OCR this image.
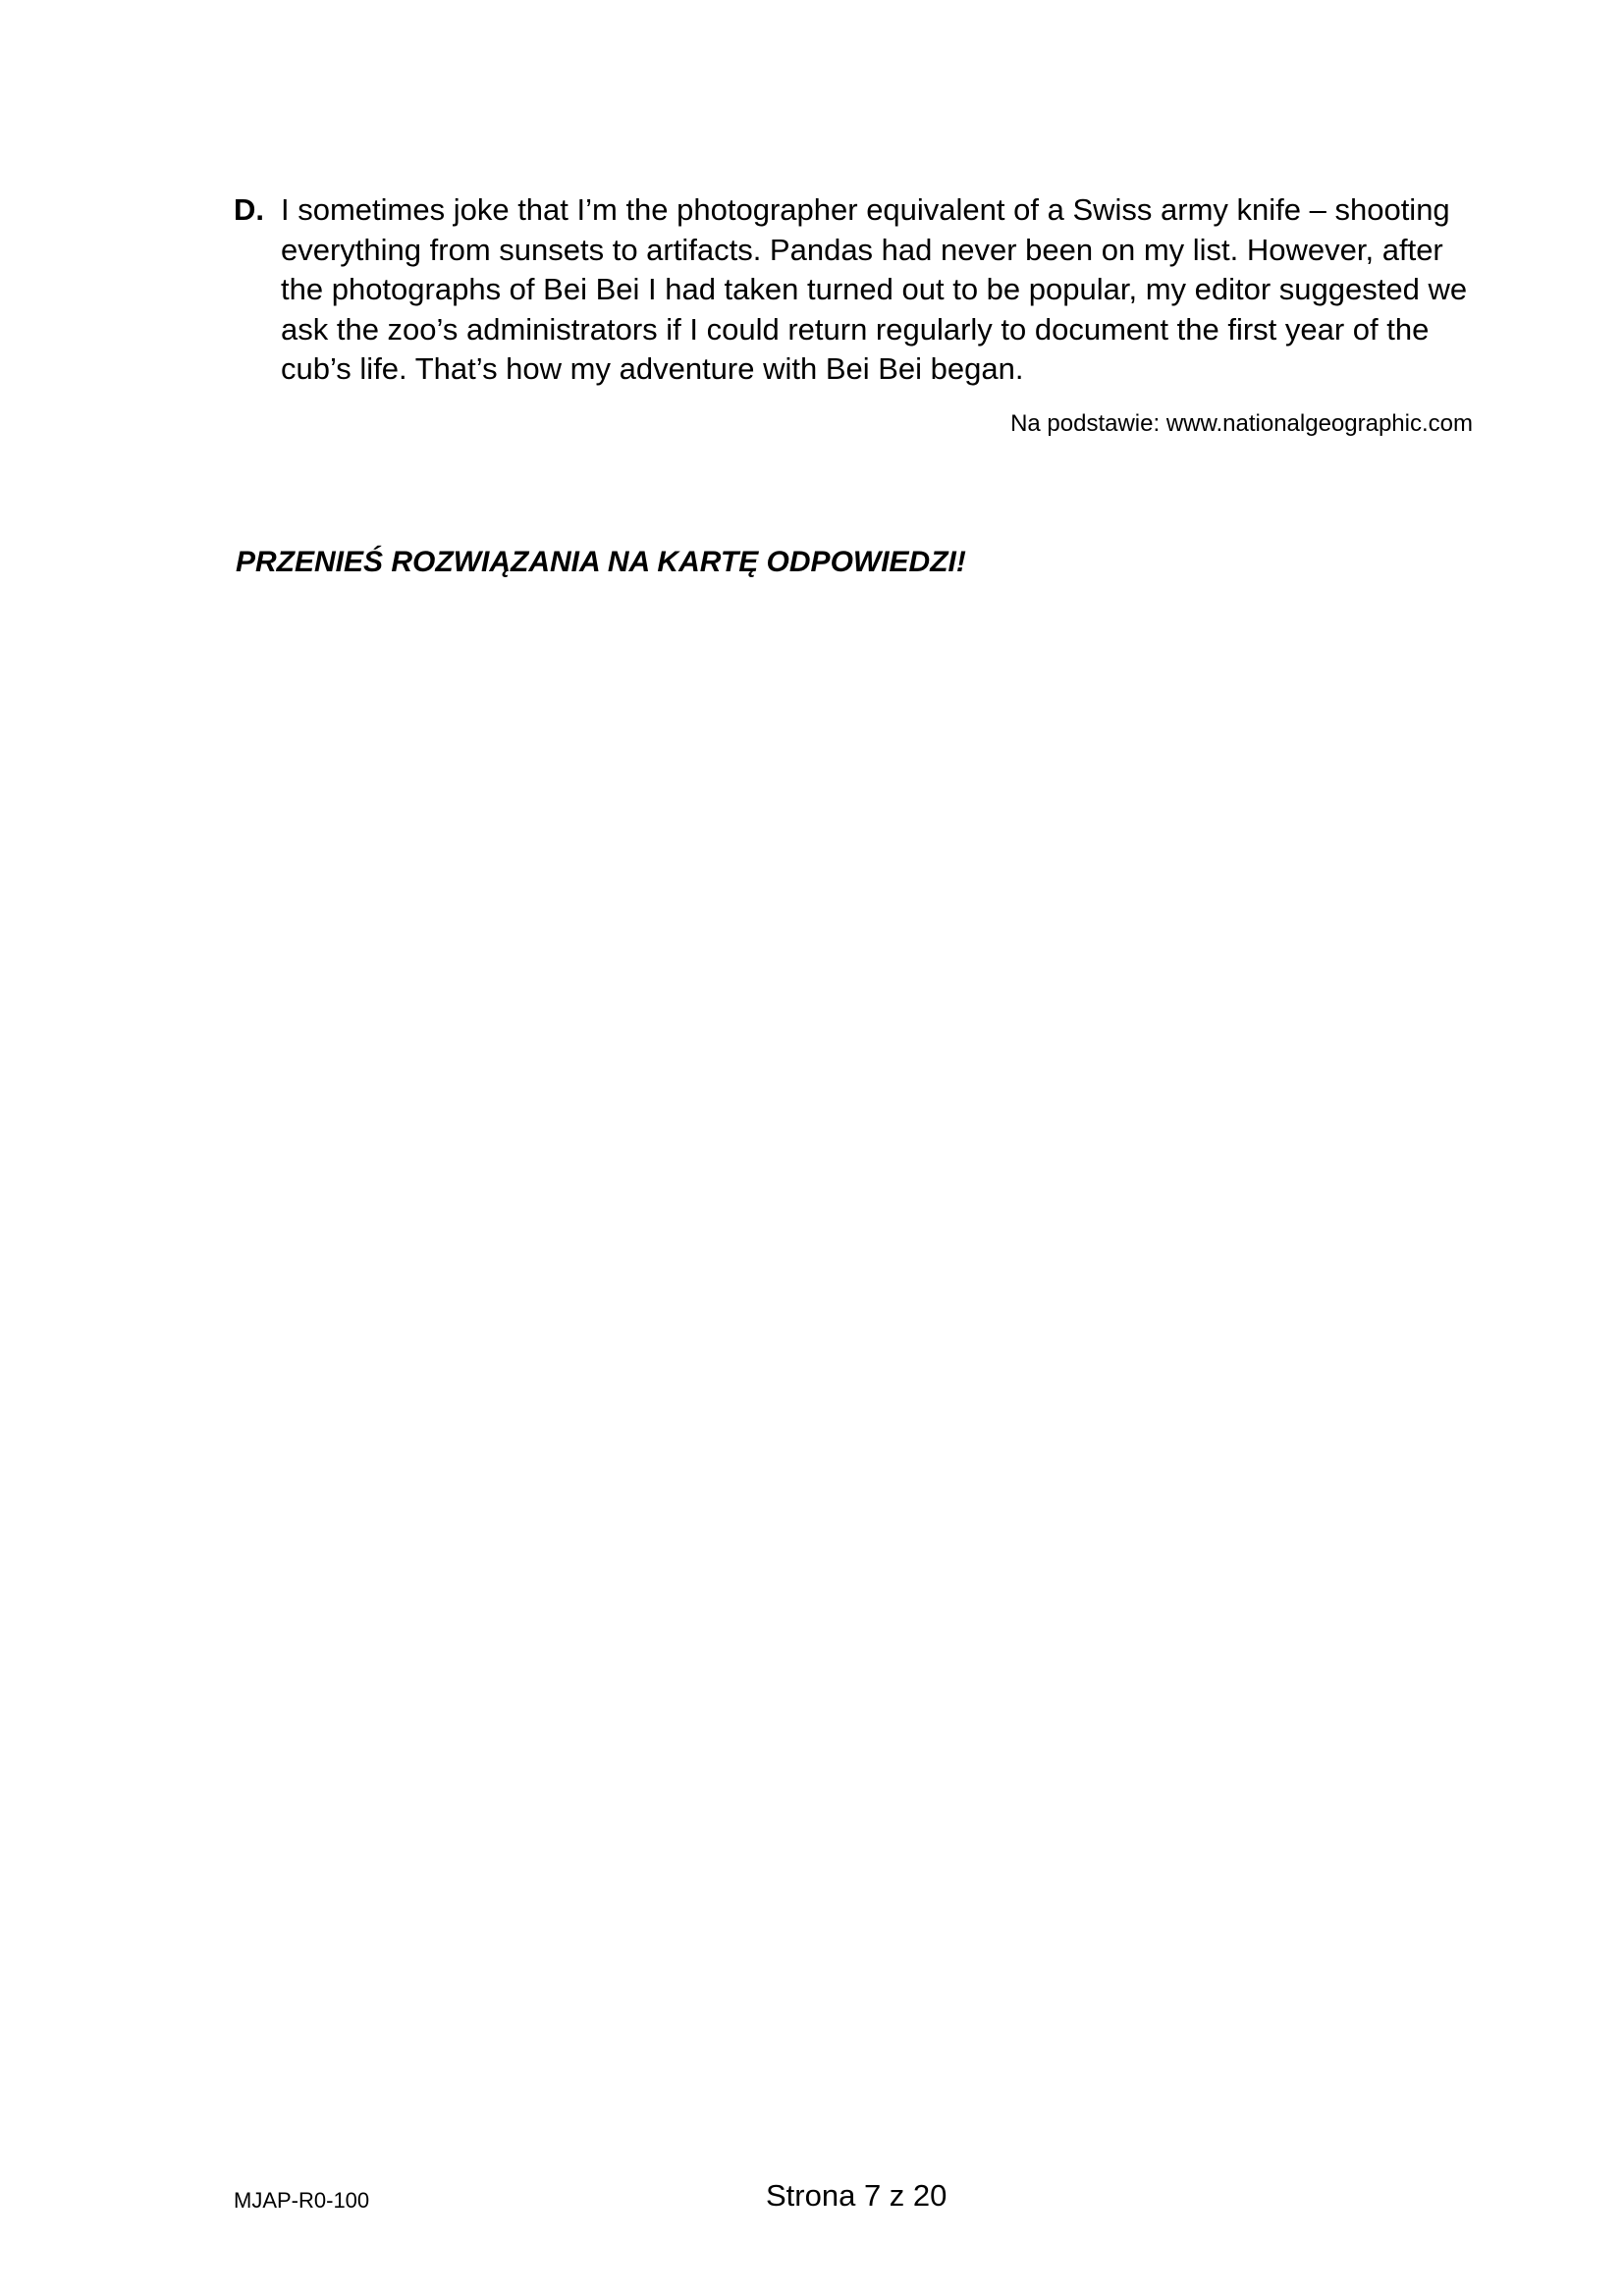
D. I sometimes joke that I’m the photographer equivalent of a Swiss army knife – shooting
everything from sunsets to artifacts. Pandas had never been on my list. However, after
the photographs of Bei Bei I had taken turned out to be popular, my editor suggested we
ask the zoo’s administrators if I could return regularly to document the first year of the
cub’s life. That’s how my adventure with Bei Bei began.
Na podstawie: www.nationalgeographic.com
PRZENIEŚ ROZWIĄZANIA NA KARTĘ ODPOWIEDZI!
MJAP-R0-100	Strona 7 z 20
